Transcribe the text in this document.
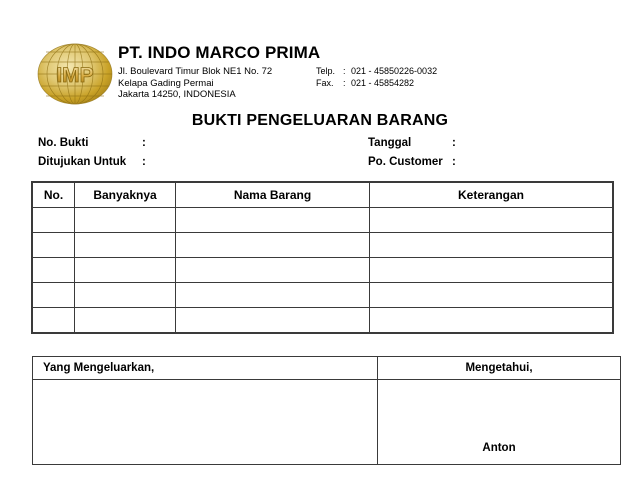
IMP
PT. INDO MARCO PRIMA
Jl. Boulevard Timur Blok NE1 No. 72
Kelapa Gading Permai
Jakarta 14250, INDONESIA
Telp. : 021 - 45850226-0032
Fax.	: 021 - 45854282
BUKTI PENGELUARAN BARANG
No. Bukti	:	Tanggal	:
Ditujukan Untuk	:	Po. Customer :
No.	Banyaknya	Nama Barang	Keterangan

Yang Mengeluarkan,	Mengetahui,
	Anton
